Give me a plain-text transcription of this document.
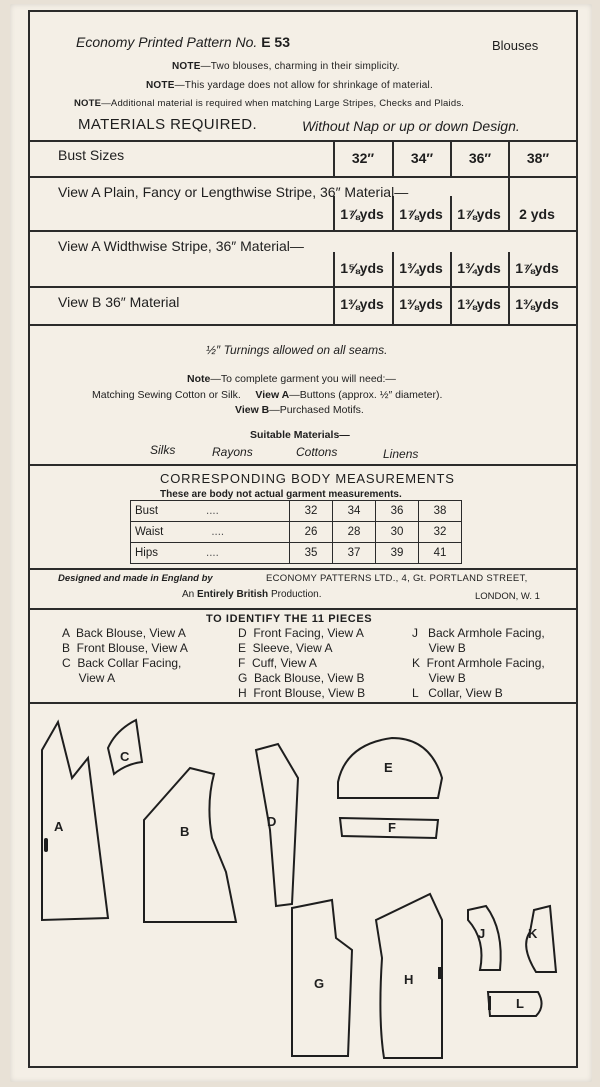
Economy Printed Pattern No. E 53	Blouses
NOTE—Two blouses, charming in their simplicity.
NOTE—This yardage does not allow for shrinkage of material.
NOTE—Additional material is required when matching Large Stripes, Checks and Plaids.
MATERIALS REQUIRED.	Without Nap or up or down Design.
Bust Sizes	32″	34″	36″	38″
View A Plain, Fancy or Lengthwise Stripe, 36″ Material—
1⅞yds	1⅞yds	1⅞yds	2 yds
View A Widthwise Stripe, 36″ Material—
1⅝yds	1¾yds	1¾yds	1⅞yds
View B 36″ Material	1⅜yds	1⅜yds	1⅜yds	1⅜yds
½″ Turnings allowed on all seams.
Note—To complete garment you will need:—
Matching Sewing Cotton or Silk. View A—Buttons (approx. ½″ diameter).
View B—Purchased Motifs.
Suitable Materials—
Silks	Rayons	Cottons	Linens
CORRESPONDING BODY MEASUREMENTS
These are body not actual garment measurements.
Bust ....	32	34	36	38
Waist ....	26	28	30	32
Hips ....	35	37	39	41
Designed and made in England by	ECONOMY PATTERNS LTD., 4, Gt. PORTLAND STREET,
An Entirely British Production.	LONDON, W. 1
TO IDENTIFY THE 11 PIECES
A  Back Blouse, View A
B  Front Blouse, View A
C  Back Collar Facing,
View A
D  Front Facing, View A
E  Sleeve, View A
F  Cuff, View A
G  Back Blouse, View B
H  Front Blouse, View B
J   Back Armhole Facing,
View B
K  Front Armhole Facing,
View B
L   Collar, View B
A	B
C
D
E
F
G	H
J	K
L
